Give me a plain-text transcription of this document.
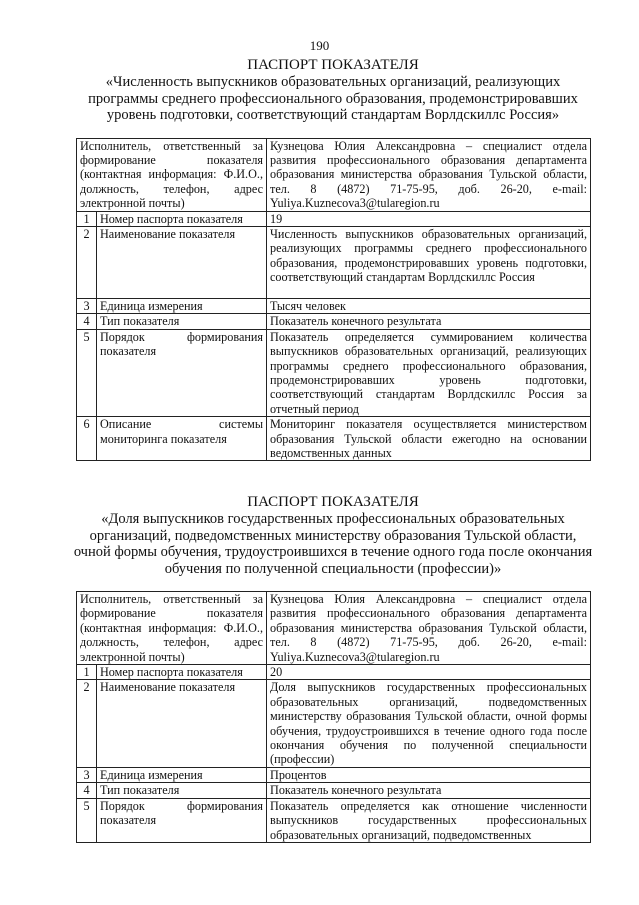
190
ПАСПОРТ ПОКАЗАТЕЛЯ
«Численность выпускников образовательных организаций, реализующих программы среднего профессионального образования, продемонстрировавших уровень подготовки, соответствующий стандартам Ворлдскиллс Россия»
Исполнитель, ответственный за формирование показателя (контактная информация: Ф.И.О., должность, телефон, адрес электронной почты)		Кузнецова Юлия Александровна – специалист отдела развития профессионального образования департамента образования министерства образования Тульской области, тел. 8 (4872) 71-75-95, доб. 26-20, e-mail: Yuliya.Kuznecova3@tularegion.ru
1	Номер паспорта показателя	19
2	Наименование показателя	Численность выпускников образовательных организаций, реализующих программы среднего профессионального образования, продемонстрировавших уровень подготовки, соответствующий стандартам Ворлдскиллс Россия
3	Единица измерения	Тысяч человек
4	Тип показателя	Показатель конечного результата
5	Порядок формирования показателя	Показатель определяется суммированием количества выпускников образовательных организаций, реализующих программы среднего профессионального образования, продемонстрировавших уровень подготовки, соответствующий стандартам Ворлдскиллс Россия за отчетный период
6	Описание системы мониторинга показателя	Мониторинг показателя осуществляется министерством образования Тульской области ежегодно на основании ведомственных данных
ПАСПОРТ ПОКАЗАТЕЛЯ
«Доля выпускников государственных профессиональных образовательных организаций, подведомственных министерству образования Тульской области, очной формы обучения, трудоустроившихся в течение одного года после окончания обучения по полученной специальности (профессии)»
Исполнитель, ответственный за формирование показателя (контактная информация: Ф.И.О., должность, телефон, адрес электронной почты)		Кузнецова Юлия Александровна – специалист отдела развития профессионального образования департамента образования министерства образования Тульской области, тел. 8 (4872) 71-75-95, доб. 26-20, e-mail: Yuliya.Kuznecova3@tularegion.ru
1	Номер паспорта показателя	20
2	Наименование показателя	Доля выпускников государственных профессиональных образовательных организаций, подведомственных министерству образования Тульской области, очной формы обучения, трудоустроившихся в течение одного года после окончания обучения по полученной специальности (профессии)
3	Единица измерения	Процентов
4	Тип показателя	Показатель конечного результата
5	Порядок формирования показателя	Показатель определяется как отношение численности выпускников государственных профессиональных образовательных организаций, подведомственных
